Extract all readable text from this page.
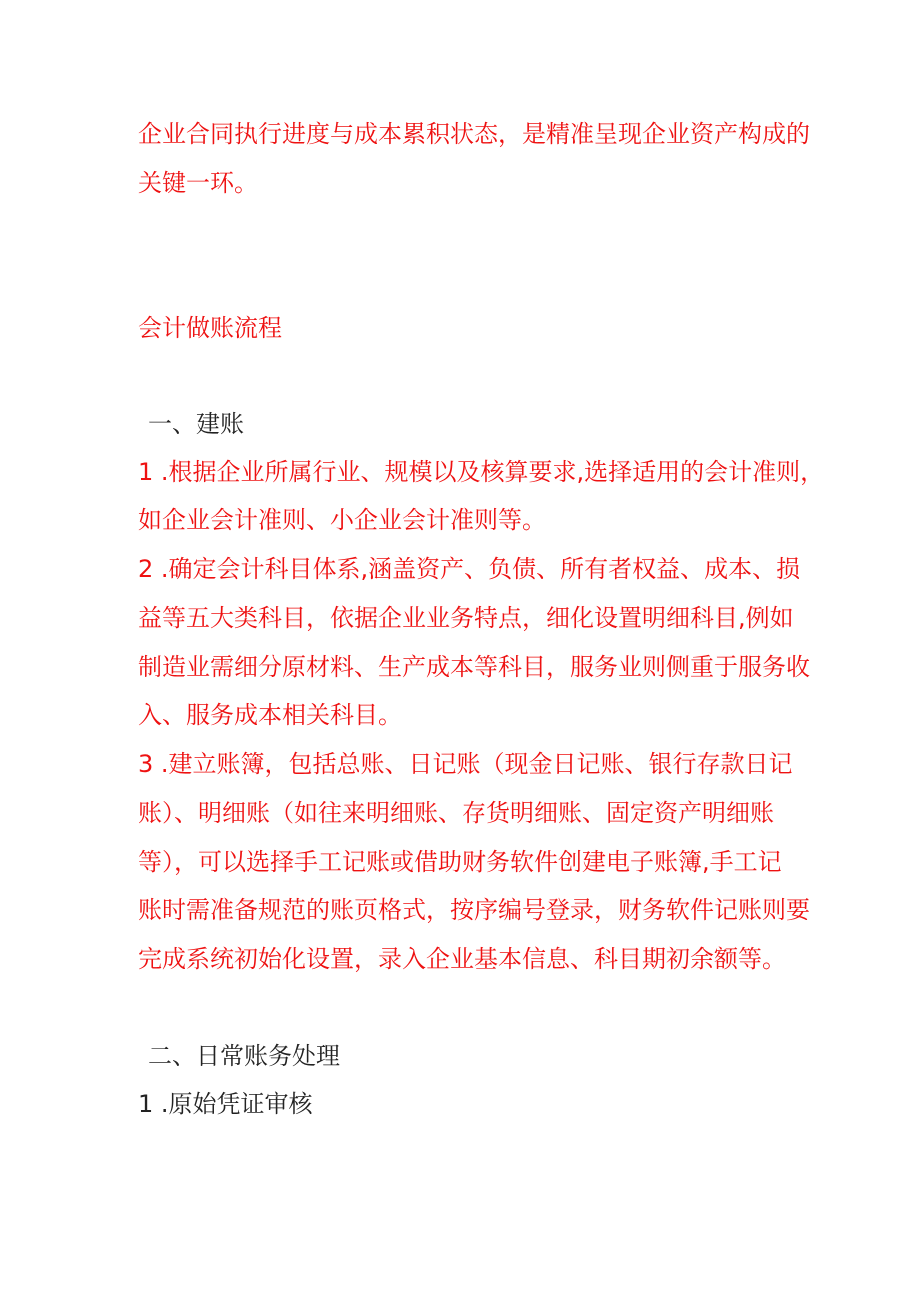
企业合同执行进度与成本累积状态，是精准呈现企业资产构成的
关键一环。
会计做账流程
一、建账
1 .根据企业所属行业、规模以及核算要求,选择适用的会计准则，
如企业会计准则、小企业会计准则等。
2 .确定会计科目体系,涵盖资产、负债、所有者权益、成本、损
益等五大类科目，依据企业业务特点，细化设置明细科目,例如
制造业需细分原材料、生产成本等科目，服务业则侧重于服务收
入、服务成本相关科目。
3 .建立账簿，包括总账、日记账（现金日记账、银行存款日记
账）、明细账（如往来明细账、存货明细账、固定资产明细账
等），可以选择手工记账或借助财务软件创建电子账簿,手工记
账时需准备规范的账页格式，按序编号登录，财务软件记账则要
完成系统初始化设置，录入企业基本信息、科目期初余额等。
二、日常账务处理
1 .原始凭证审核
